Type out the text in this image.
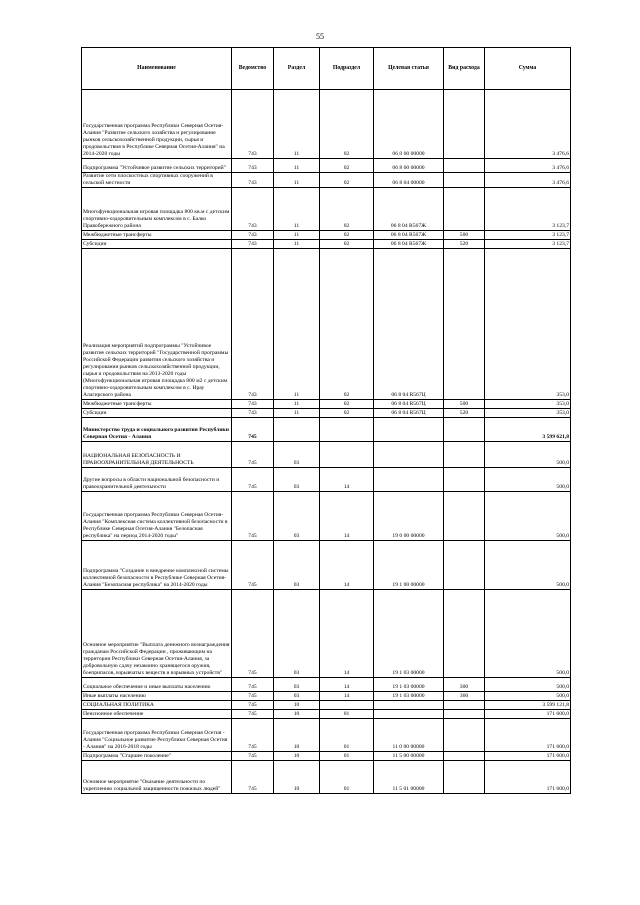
55
Наименование	Ведомство	Раздел	Подраздел	Целевая статья	Вид расхода	Сумма
Государственная программа Республики Северная Осетия-Алания "Развитие сельского хозяйства и регулирование рынков сельскохозяйственной продукции, сырья и продовольствия в Республике Северная Осетия-Алания" на 2014-2020 годы	743	11	02	06 0 00 00000		3 476,6
Подпрограмма "Устойчивое развитие сельских территорий"	743	11	02	06 8 00 00000		3 476,6
Развитие сети плоскостных спортивных сооружений в сельской местности	743	11	02	06 8 04 00000		3 476,6
Многофункциональная игровая площадка 800 кв.м с детским спортивно-оздоровительным комплексом в с. Балко Правобережного района	743	11	02	06 8 04 R567Ж		3 123,7
Межбюджетные трансферты	743	11	02	06 8 04 R567Ж	500	3 123,7
Субсидии	743	11	02	06 8 04 R567Ж	520	3 123,7
Реализация мероприятий подпрограммы "Устойчивое развитие сельских территорий "Государственной программы Российской Федерации развития сельского хозяйства и регулирования рынков сельскохозяйственной продукции, сырья и продовольствия на 2013-2020 годы (Многофункциональная игровая площадка 800 м2 с детским спортивно-оздоровительным комплексом в с. Нрау Алагирского района	743	11	02	06 8 04 R567Ц		353,0
Межбюджетные трансферты	743	11	02	06 8 04 R567Ц	500	353,0
Субсидии	743	11	02	06 8 04 R567Ц	520	353,0
Министерство труда и социального развития Республики Северная Осетия - Алания	745					3 599 621,8
НАЦИОНАЛЬНАЯ БЕЗОПАСНОСТЬ И ПРАВООХРАНИТЕЛЬНАЯ ДЕЯТЕЛЬНОСТЬ	745	03				500,0
Другие вопросы в области национальной безопасности и правоохранительной деятельности	745	03	14			500,0
Государственная программа Республики Северная Осетия-Алания "Комплексная система коллективной безопасности в Республике Северная Осетия-Алания "Безопасная республика" на период 2014-2020 годы"	745	03	14	19 0 00 00000		500,0
Подпрограмма "Создание и внедрение комплексной системы коллективной безопасности в Республике Северная Осетия-Алания "Безопасная республика" на 2014-2020 годы	745	03	14	19 1 00 00000		500,0
Основное мероприятие "Выплата денежного вознаграждения гражданам Российской Федерации , проживающим на территории Республики Северная Осетия-Алания, за добровольную сдачу незаконно хранящегося оружия, боеприпасов, взрывчатых веществ и взрывных устройств"	745	03	14	19 1 03 00000		500,0
Социальное обеспечение и иные выплаты населению	745	03	14	19 1 03 00000	300	500,0
Иные выплаты населению	745	03	14	19 1 03 00000	360	500,0
СОЦИАЛЬНАЯ ПОЛИТИКА	745	10				3 599 121,8
Пенсионное обеспечение	745	10	01			171 600,0
Государственная программа Республики Северная Осетия - Алания "Социальное развитие Республики Северная Осетия - Алания" на 2016-2018 годы	745	10	01	11 0 00 00000		171 600,0
Подпрограмма "Старшее поколение"	745	10	01	11 5 00 00000		171 600,0
Основное мероприятие "Оказание деятельности по укреплению социальной защищенности пожилых людей"	745	10	01	11 5 01 00000		171 600,0
